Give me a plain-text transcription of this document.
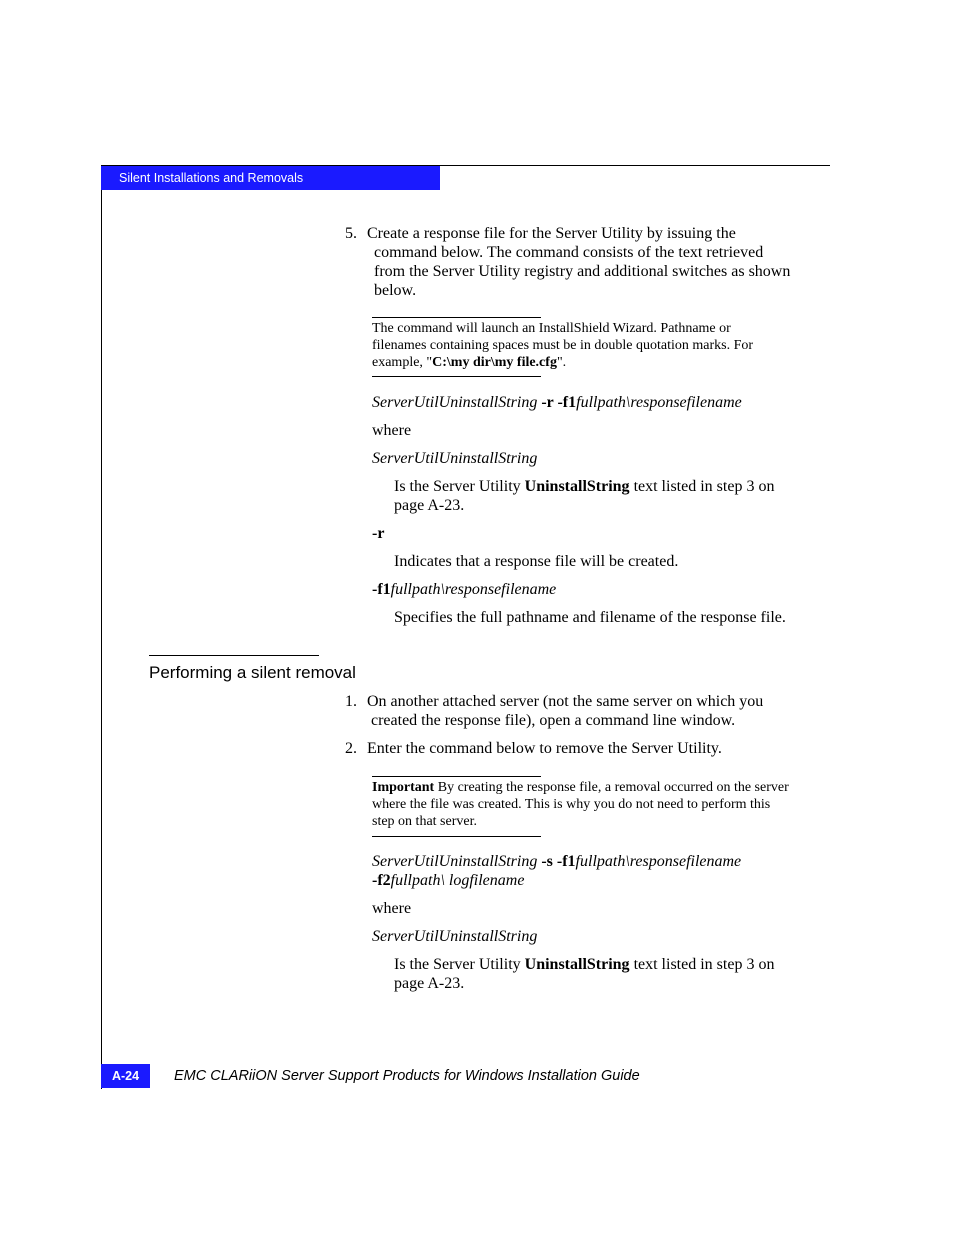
Silent Installations and Removals
5. Create a response file for the Server Utility by issuing the
command below. The command consists of the text retrieved
from the Server Utility registry and additional switches as shown
below.
The command will launch an InstallShield Wizard. Pathname or
filenames containing spaces must be in double quotation marks. For
example, "C:\my dir\my file.cfg".
ServerUtilUninstallString -r -f1fullpath\responsefilename
where
ServerUtilUninstallString
Is the Server Utility UninstallString text listed in step 3 on
page A-23.
-r
Indicates that a response file will be created.
-f1fullpath\responsefilename
Specifies the full pathname and filename of the response file.
Performing a silent removal
1. On another attached server (not the same server on which you
created the response file), open a command line window.
2. Enter the command below to remove the Server Utility.
Important By creating the response file, a removal occurred on the server
where the file was created. This is why you do not need to perform this
step on that server.
ServerUtilUninstallString -s -f1fullpath\responsefilename
-f2fullpath\ logfilename
where
ServerUtilUninstallString
Is the Server Utility UninstallString text listed in step 3 on
page A-23.
A-24	EMC CLARiiON Server Support Products for Windows Installation Guide
